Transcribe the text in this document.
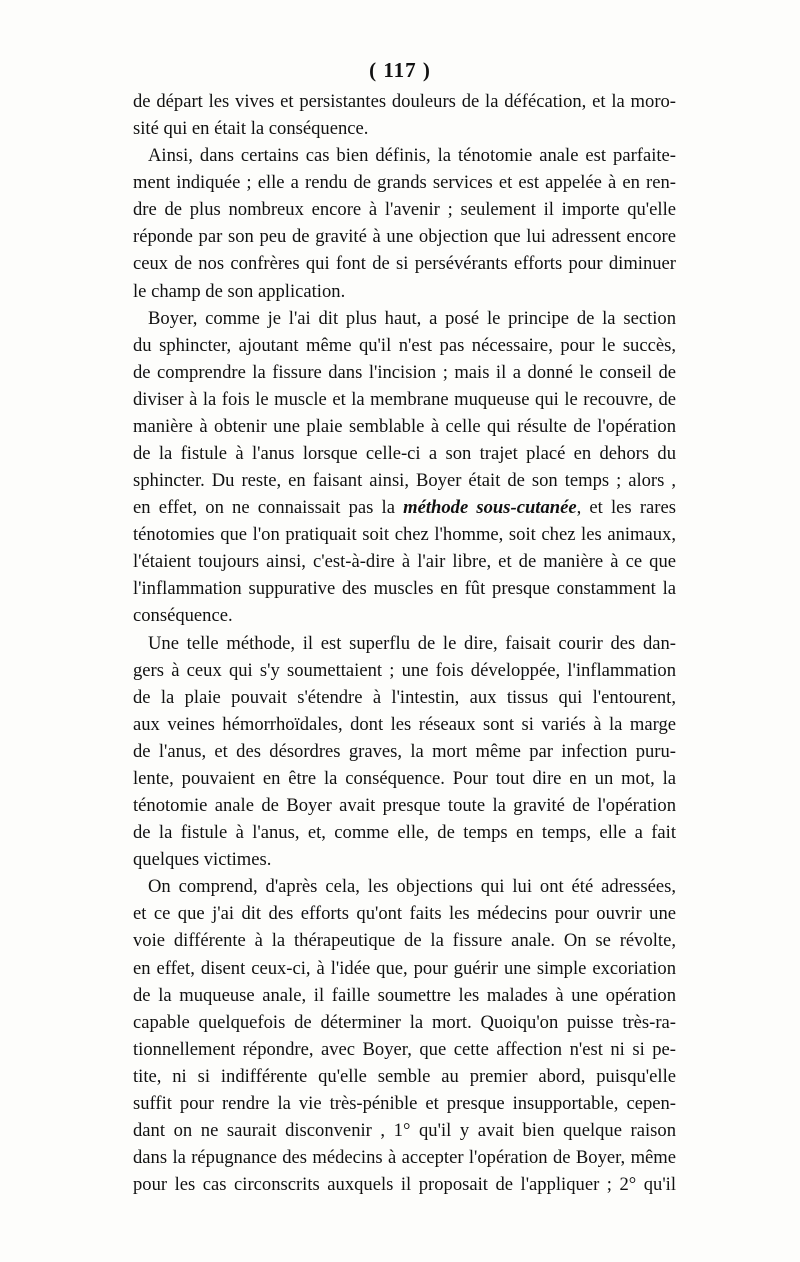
( 117 )
de départ les vives et persistantes douleurs de la défécation, et la moro-
sité qui en était la conséquence.
Ainsi, dans certains cas bien définis, la ténotomie anale est parfaite-
ment indiquée ; elle a rendu de grands services et est appelée à en ren-
dre de plus nombreux encore à l'avenir ; seulement il importe qu'elle
réponde par son peu de gravité à une objection que lui adressent encore
ceux de nos confrères qui font de si persévérants efforts pour diminuer
le champ de son application.
Boyer, comme je l'ai dit plus haut, a posé le principe de la section
du sphincter, ajoutant même qu'il n'est pas nécessaire, pour le succès,
de comprendre la fissure dans l'incision ; mais il a donné le conseil de
diviser à la fois le muscle et la membrane muqueuse qui le recouvre, de
manière à obtenir une plaie semblable à celle qui résulte de l'opération
de la fistule à l'anus lorsque celle-ci a son trajet placé en dehors du
sphincter. Du reste, en faisant ainsi, Boyer était de son temps ; alors ,
en effet, on ne connaissait pas la méthode sous-cutanée, et les rares
ténotomies que l'on pratiquait soit chez l'homme, soit chez les animaux,
l'étaient toujours ainsi, c'est-à-dire à l'air libre, et de manière à ce que
l'inflammation suppurative des muscles en fût presque constamment la
conséquence.
Une telle méthode, il est superflu de le dire, faisait courir des dan-
gers à ceux qui s'y soumettaient ; une fois développée, l'inflammation
de la plaie pouvait s'étendre à l'intestin, aux tissus qui l'entourent,
aux veines hémorrhoïdales, dont les réseaux sont si variés à la marge
de l'anus, et des désordres graves, la mort même par infection puru-
lente, pouvaient en être la conséquence. Pour tout dire en un mot, la
ténotomie anale de Boyer avait presque toute la gravité de l'opération
de la fistule à l'anus, et, comme elle, de temps en temps, elle a fait
quelques victimes.
On comprend, d'après cela, les objections qui lui ont été adressées,
et ce que j'ai dit des efforts qu'ont faits les médecins pour ouvrir une
voie différente à la thérapeutique de la fissure anale. On se révolte,
en effet, disent ceux-ci, à l'idée que, pour guérir une simple excoriation
de la muqueuse anale, il faille soumettre les malades à une opération
capable quelquefois de déterminer la mort. Quoiqu'on puisse très-ra-
tionnellement répondre, avec Boyer, que cette affection n'est ni si pe-
tite, ni si indifférente qu'elle semble au premier abord, puisqu'elle
suffit pour rendre la vie très-pénible et presque insupportable, cepen-
dant on ne saurait disconvenir , 1° qu'il y avait bien quelque raison
dans la répugnance des médecins à accepter l'opération de Boyer, même
pour les cas circonscrits auxquels il proposait de l'appliquer ; 2° qu'il
